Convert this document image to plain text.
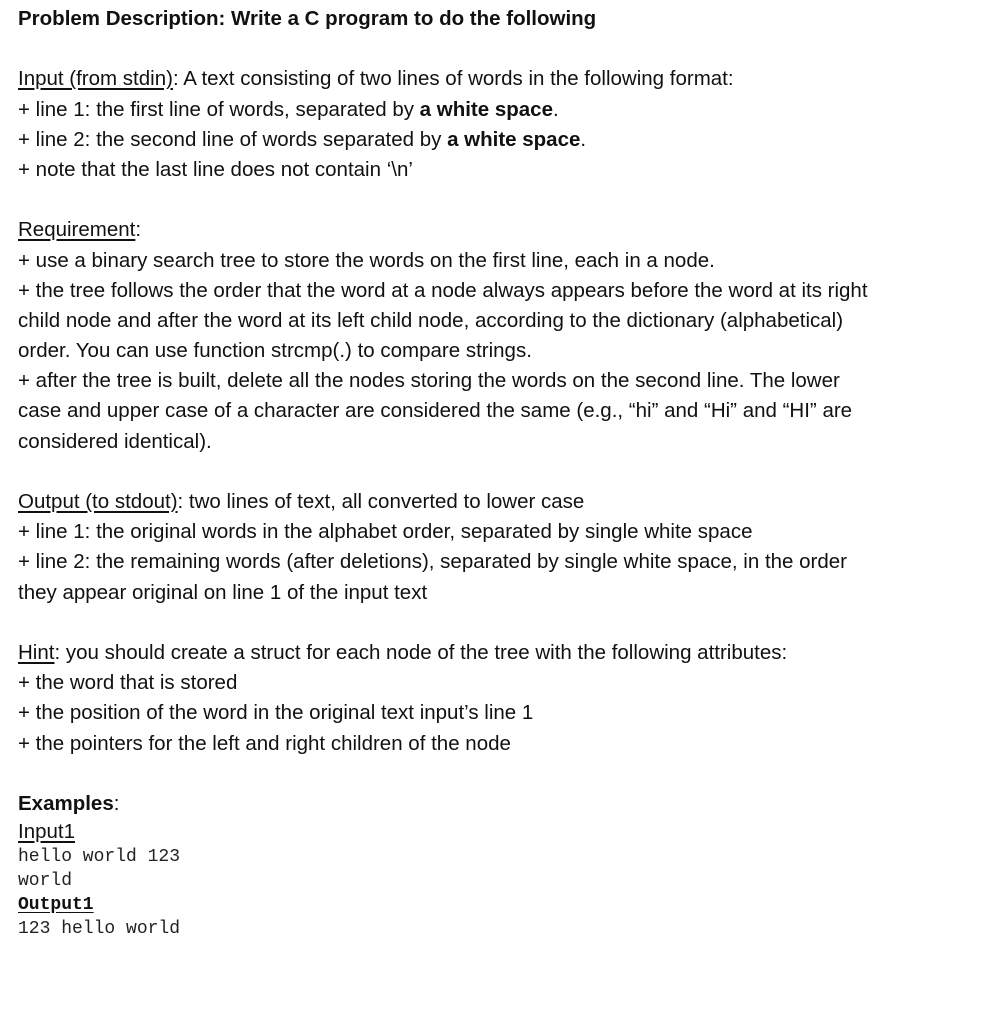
Problem Description: Write a C program to do the following
Input (from stdin): A text consisting of two lines of words in the following format:
+ line 1: the first line of words, separated by a white space.
+ line 2: the second line of words separated by a white space.
+ note that the last line does not contain ‘\n’
Requirement:
+ use a binary search tree to store the words on the first line, each in a node.
+ the tree follows the order that the word at a node always appears before the word at its right
child node and after the word at its left child node, according to the dictionary (alphabetical)
order. You can use function strcmp(.) to compare strings.
+ after the tree is built, delete all the nodes storing the words on the second line. The lower
case and upper case of a character are considered the same (e.g., “hi” and “Hi” and “HI” are
considered identical).
Output (to stdout): two lines of text, all converted to lower case
+ line 1: the original words in the alphabet order, separated by single white space
+ line 2: the remaining words (after deletions), separated by single white space, in the order
they appear original on line 1 of the input text
Hint: you should create a struct for each node of the tree with the following attributes:
+ the word that is stored
+ the position of the word in the original text input’s line 1
+ the pointers for the left and right children of the node
Examples:
Input1
hello world 123
world
Output1
123 hello world
